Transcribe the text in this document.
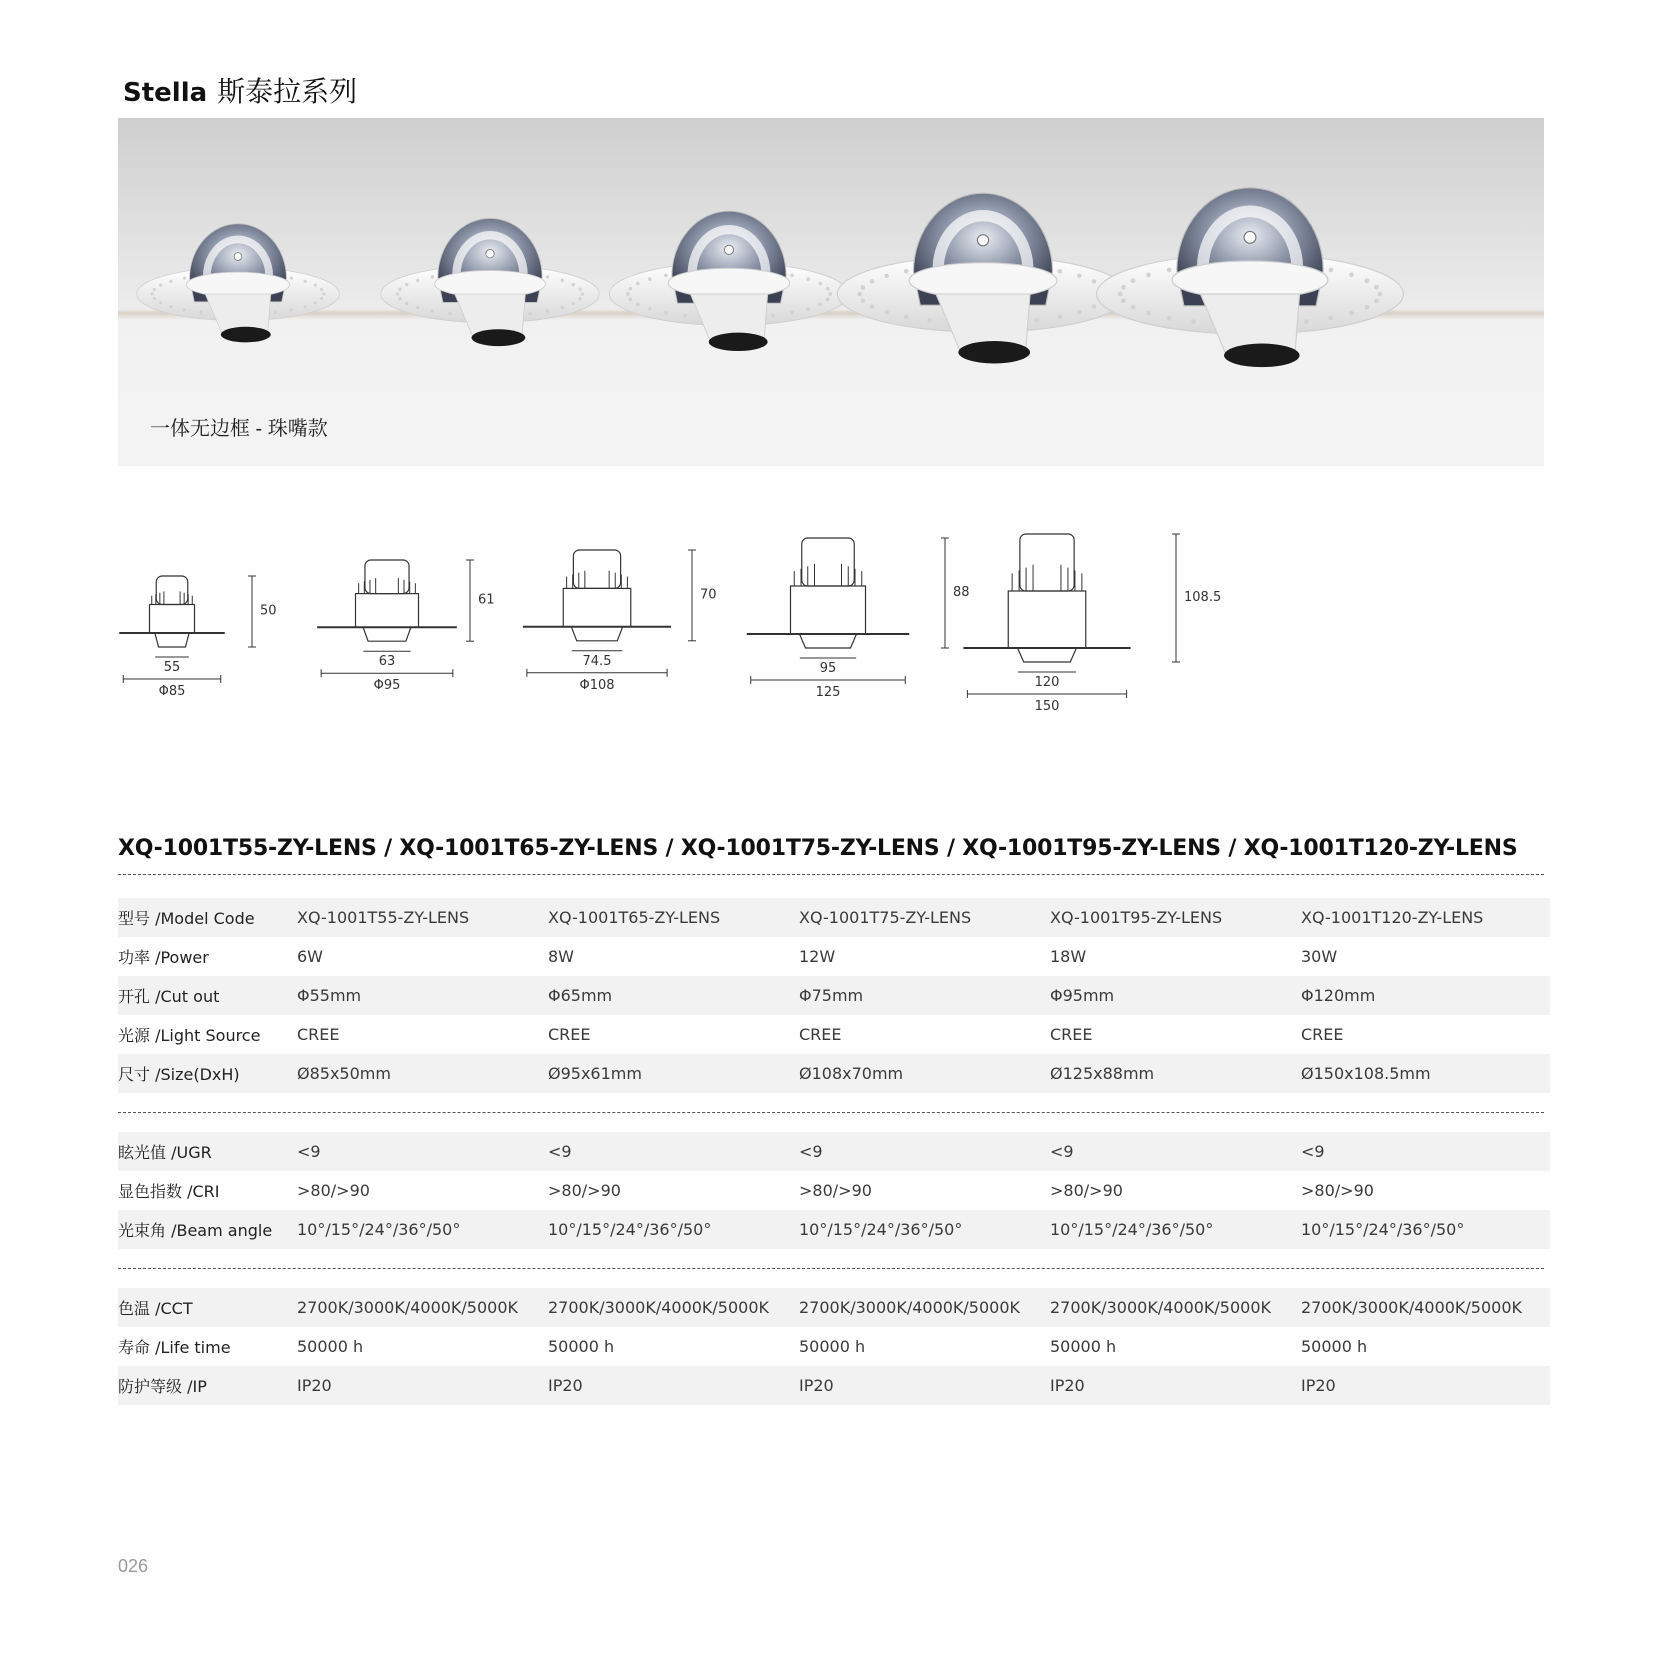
Stella 斯泰拉系列
一体无边框 - 珠嘴款
50
55
Φ85
61
63
Φ95
70
74.5
Φ108
88
95
125
108.5
120
150
XQ-1001T55-ZY-LENS / XQ-1001T65-ZY-LENS / XQ-1001T75-ZY-LENS / XQ-1001T95-ZY-LENS / XQ-1001T120-ZY-LENS
型号 /Model Code	XQ-1001T55-ZY-LENS	XQ-1001T65-ZY-LENS	XQ-1001T75-ZY-LENS	XQ-1001T95-ZY-LENS	XQ-1001T120-ZY-LENS
功率 /Power	6W	8W	12W	18W	30W
开孔 /Cut out	Φ55mm	Φ65mm	Φ75mm	Φ95mm	Φ120mm
光源 /Light Source	CREE	CREE	CREE	CREE	CREE
尺寸 /Size(DxH)	Ø85x50mm	Ø95x61mm	Ø108x70mm	Ø125x88mm	Ø150x108.5mm
眩光值 /UGR	<9	<9	<9	<9	<9
显色指数 /CRI	>80/>90	>80/>90	>80/>90	>80/>90	>80/>90
光束角 /Beam angle	10°/15°/24°/36°/50°	10°/15°/24°/36°/50°	10°/15°/24°/36°/50°	10°/15°/24°/36°/50°	10°/15°/24°/36°/50°
色温 /CCT	2700K/3000K/4000K/5000K	2700K/3000K/4000K/5000K	2700K/3000K/4000K/5000K	2700K/3000K/4000K/5000K	2700K/3000K/4000K/5000K
寿命 /Life time	50000 h	50000 h	50000 h	50000 h	50000 h
防护等级 /IP	IP20	IP20	IP20	IP20	IP20
026
